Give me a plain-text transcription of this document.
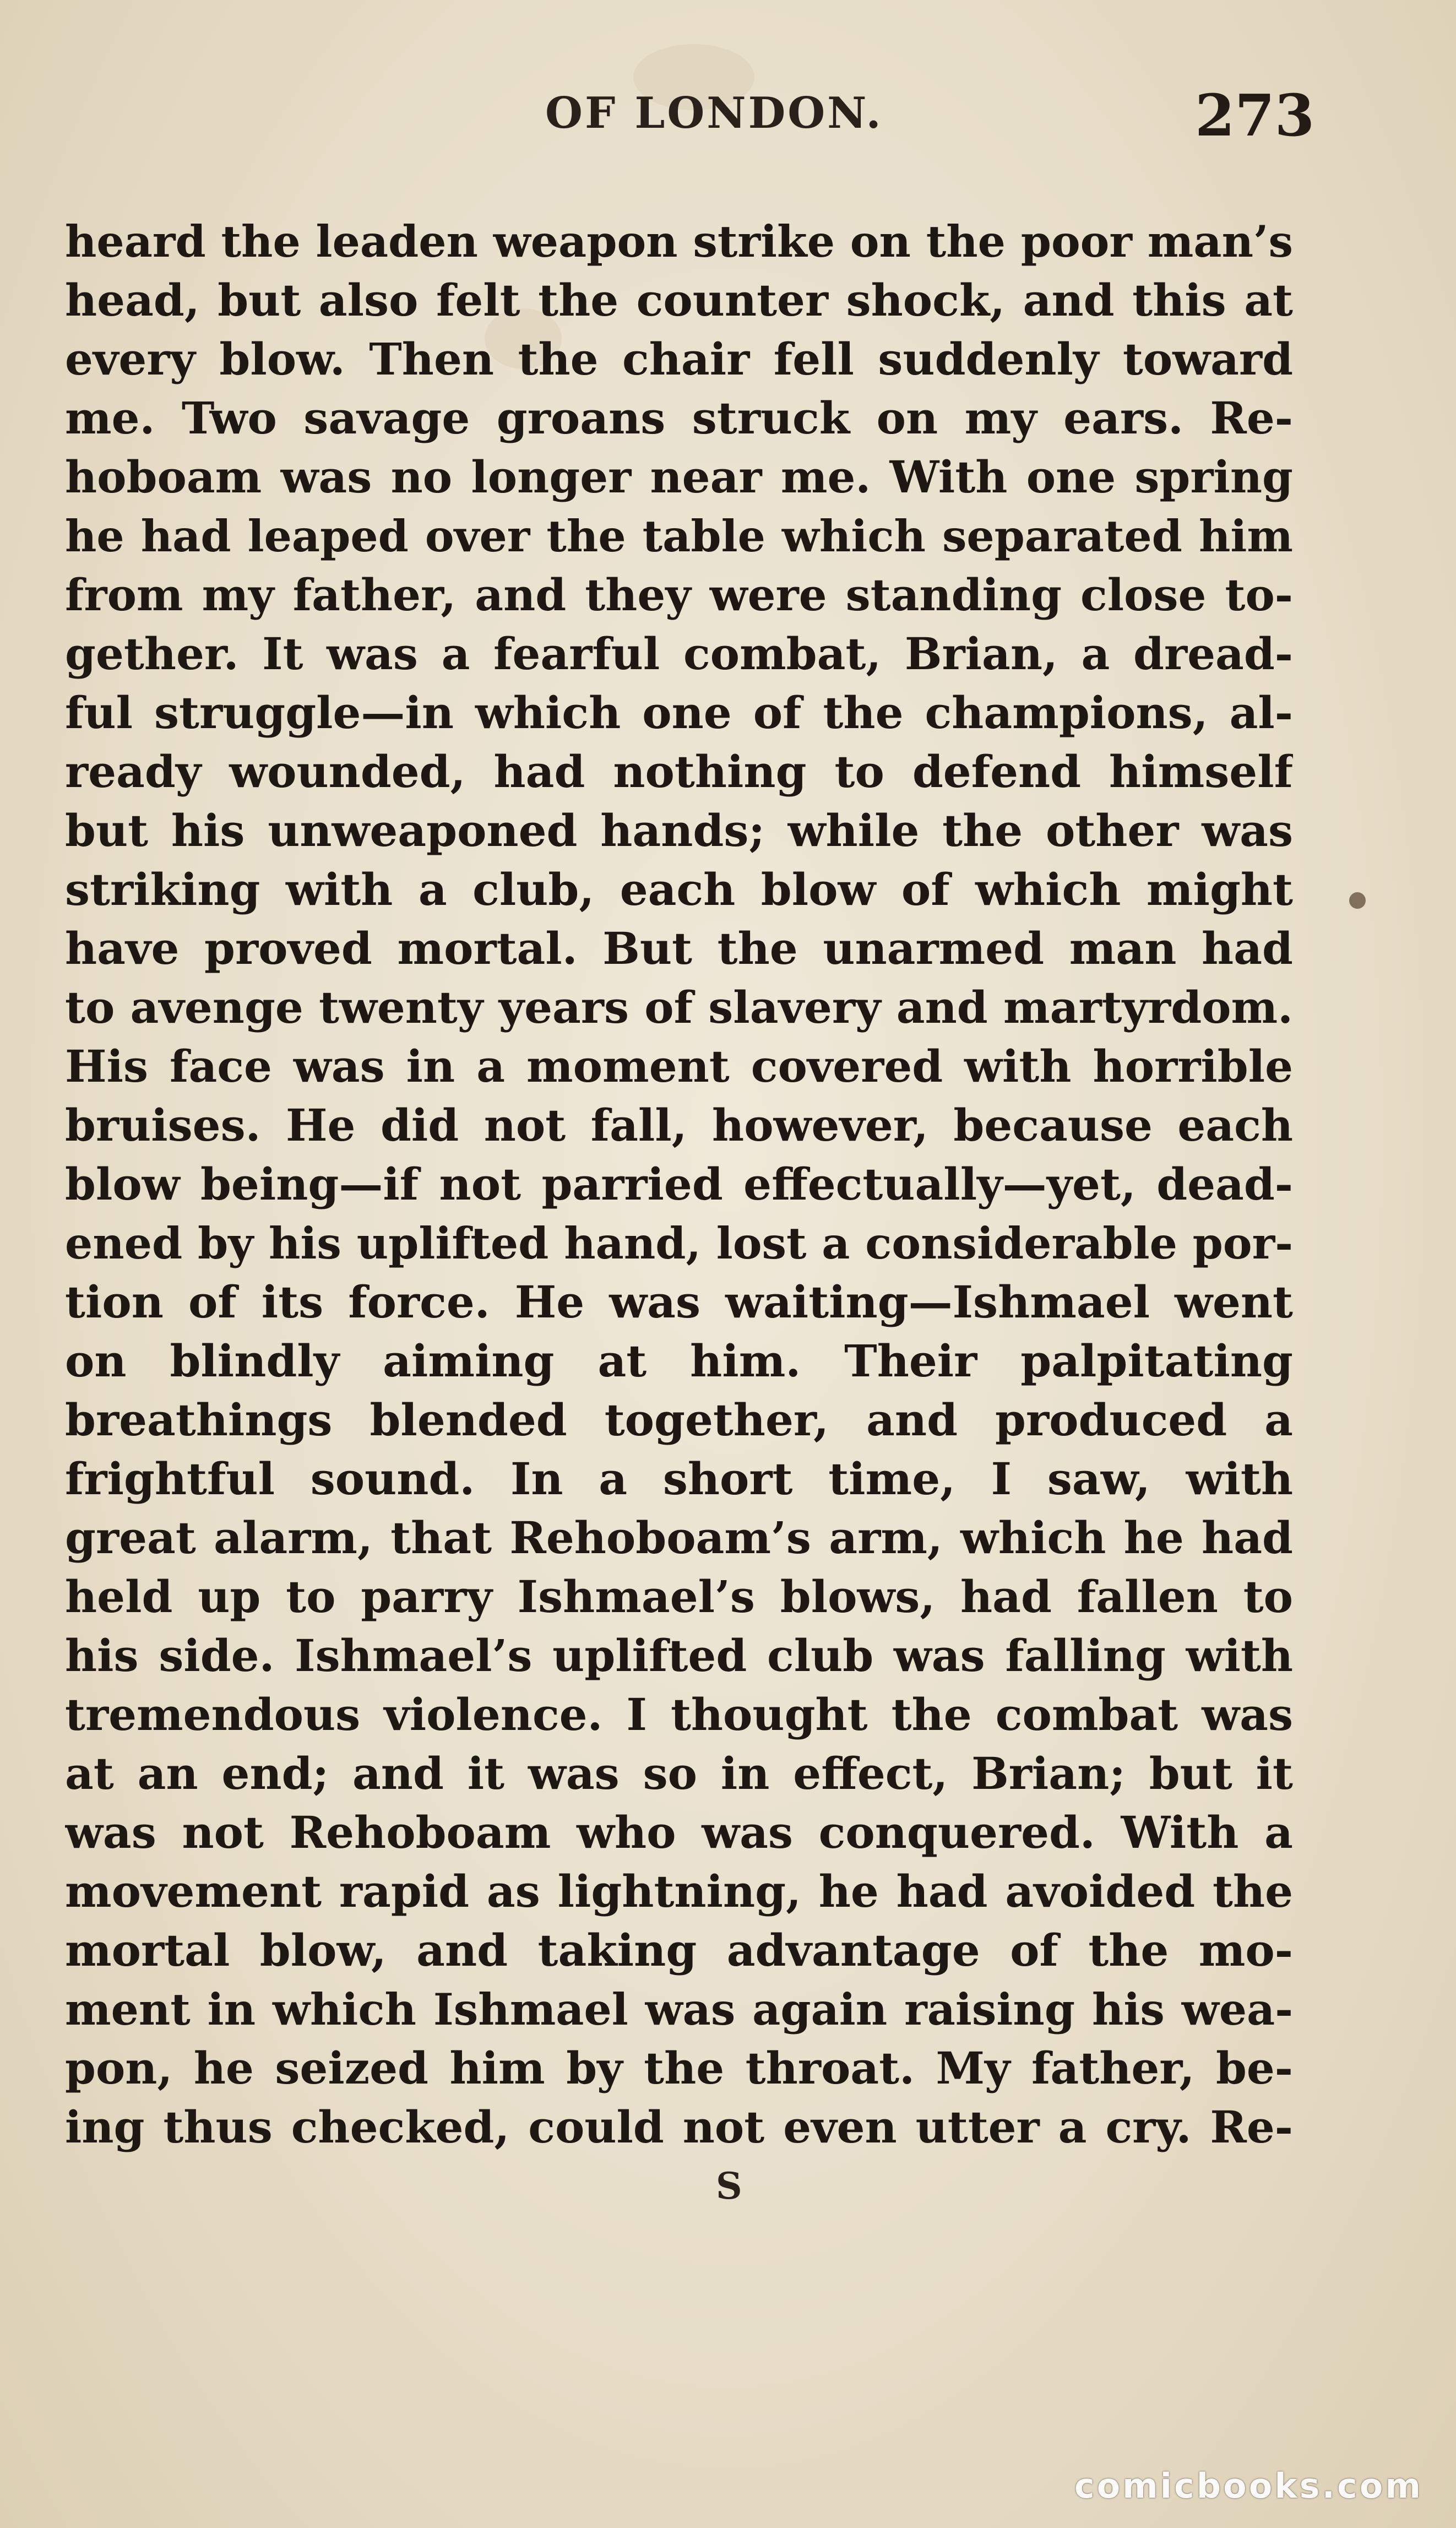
OF LONDON.	273
heard the leaden weapon strike on the poor man’s
head, but also felt the counter shock, and this at
every blow. Then the chair fell suddenly toward
me. Two savage groans struck on my ears. Re-
hoboam was no longer near me. With one spring
he had leaped over the table which separated him
from my father, and they were standing close to-
gether. It was a fearful combat, Brian, a dread-
ful struggle—in which one of the champions, al-
ready wounded, had nothing to defend himself
but his unweaponed hands; while the other was
striking with a club, each blow of which might
have proved mortal. But the unarmed man had
to avenge twenty years of slavery and martyrdom.
His face was in a moment covered with horrible
bruises. He did not fall, however, because each
blow being—if not parried effectually—yet, dead-
ened by his uplifted hand, lost a considerable por-
tion of its force. He was waiting—Ishmael went
on blindly aiming at him. Their palpitating
breathings blended together, and produced a
frightful sound. In a short time, I saw, with
great alarm, that Rehoboam’s arm, which he had
held up to parry Ishmael’s blows, had fallen to
his side. Ishmael’s uplifted club was falling with
tremendous violence. I thought the combat was
at an end; and it was so in effect, Brian; but it
was not Rehoboam who was conquered. With a
movement rapid as lightning, he had avoided the
mortal blow, and taking advantage of the mo-
ment in which Ishmael was again raising his wea-
pon, he seized him by the throat. My father, be-
ing thus checked, could not even utter a cry. Re-
S
comicbooks.com
